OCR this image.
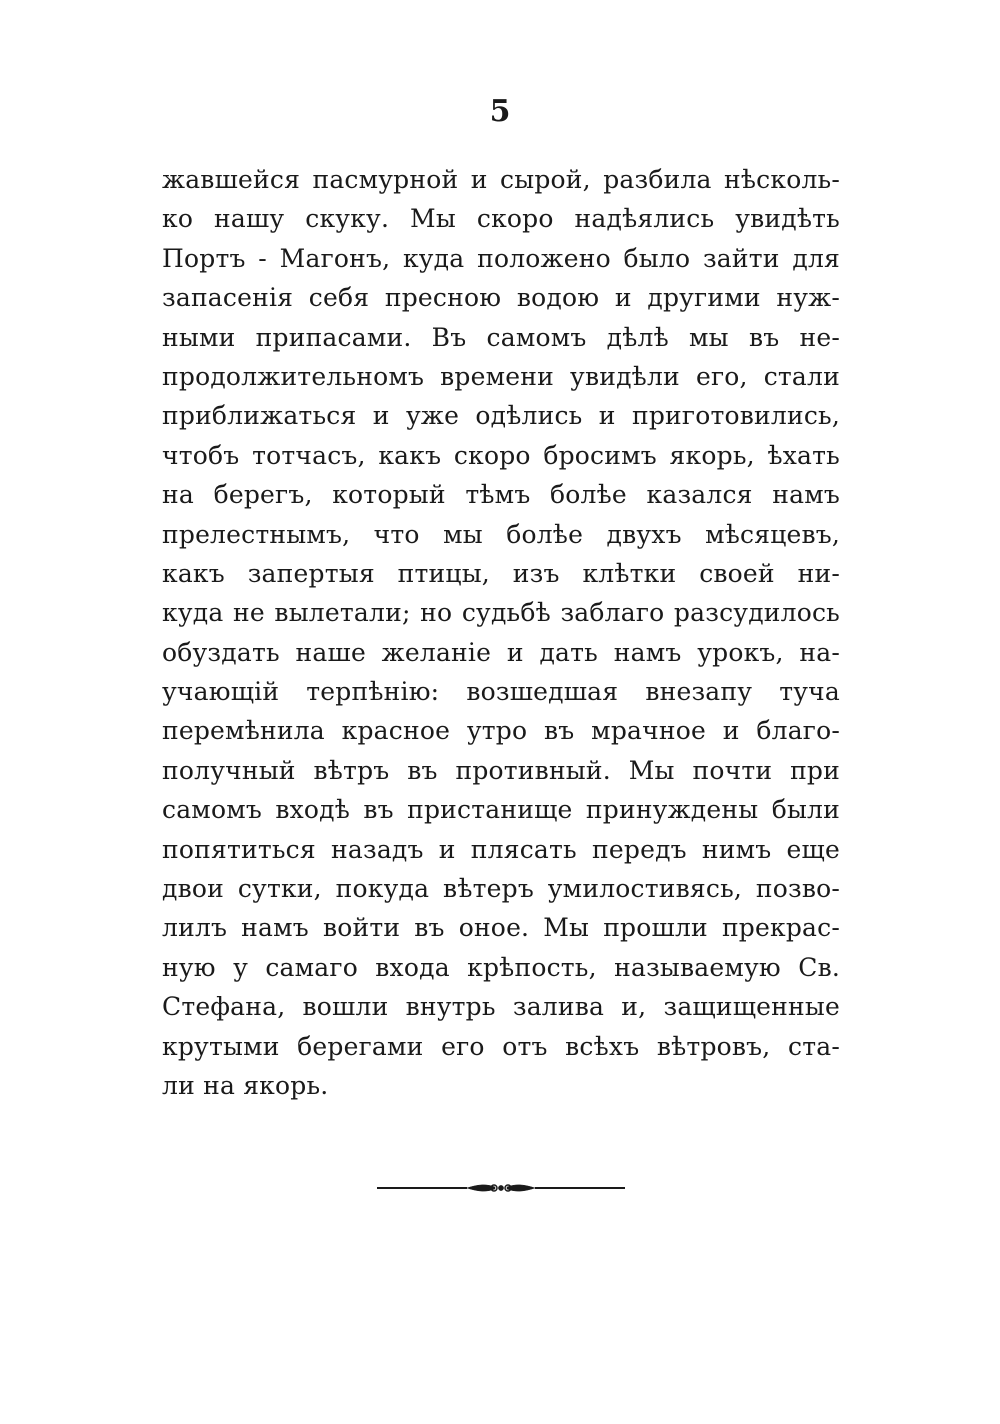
5
жавшейся пасмурной и сырой, разбила нѣсколь-
ко нашу скуку. Мы скоро надѣялись увидѣть
Портъ - Магонъ, куда положено было зайти для
запасенія себя пресною водою и другими нуж-
ными припасами. Въ самомъ дѣлѣ мы въ не-
продолжительномъ времени увидѣли его, стали
приближаться и уже одѣлись и приготовились,
чтобъ тотчасъ, какъ скоро бросимъ якорь, ѣхать
на берегъ, который тѣмъ болѣе казался намъ
прелестнымъ, что мы болѣе двухъ мѣсяцевъ,
какъ запертыя птицы, изъ клѣтки своей ни-
куда не вылетали; но судьбѣ заблаго разсудилось
обуздать наше желаніе и дать намъ урокъ, на-
учающій терпѣнію: возшедшая внезапу туча
перемѣнила красное утро въ мрачное и благо-
получный вѣтръ въ противный. Мы почти при
самомъ входѣ въ пристанище принуждены были
попятиться назадъ и плясать передъ нимъ еще
двои сутки, покуда вѣтеръ умилостивясь, позво-
лилъ намъ войти въ оное. Мы прошли прекрас-
ную у самаго входа крѣпость, называемую Св.
Стефана, вошли внутрь залива и, защищенные
крутыми берегами его отъ всѣхъ вѣтровъ, ста-
ли на якорь.
